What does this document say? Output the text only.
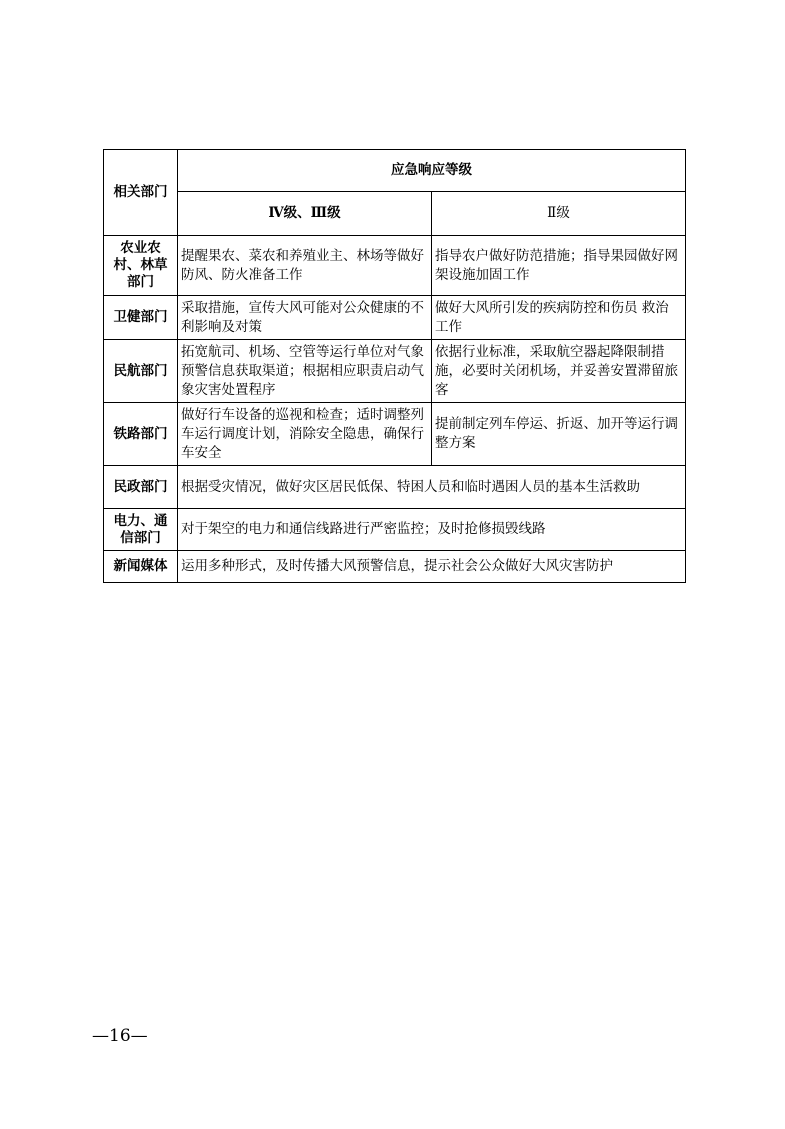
相关部门	应急响应等级	
	Ⅳ级、Ⅲ级	Ⅱ级
农业农村、林草部门	提醒果农、菜农和养殖业主、林场等做好防风、防火准备工作	指导农户做好防范措施；指导果园做好网架设施加固工作
卫健部门	采取措施，宣传大风可能对公众健康的不利影响及对策	做好大风所引发的疾病防控和伤员 救治工作
民航部门	拓宽航司、机场、空管等运行单位对气象预警信息获取渠道；根据相应职责启动气象灾害处置程序	依据行业标准，采取航空器起降限制措施，必要时关闭机场，并妥善安置滞留旅客
铁路部门	做好行车设备的巡视和检查；适时调整列车运行调度计划，消除安全隐患，确保行车安全	提前制定列车停运、折返、加开等运行调整方案
民政部门	根据受灾情况，做好灾区居民低保、特困人员和临时遇困人员的基本生活救助	
电力、通信部门	对于架空的电力和通信线路进行严密监控；及时抢修损毁线路	
新闻媒体	运用多种形式，及时传播大风预警信息，提示社会公众做好大风灾害防护	
—16—
